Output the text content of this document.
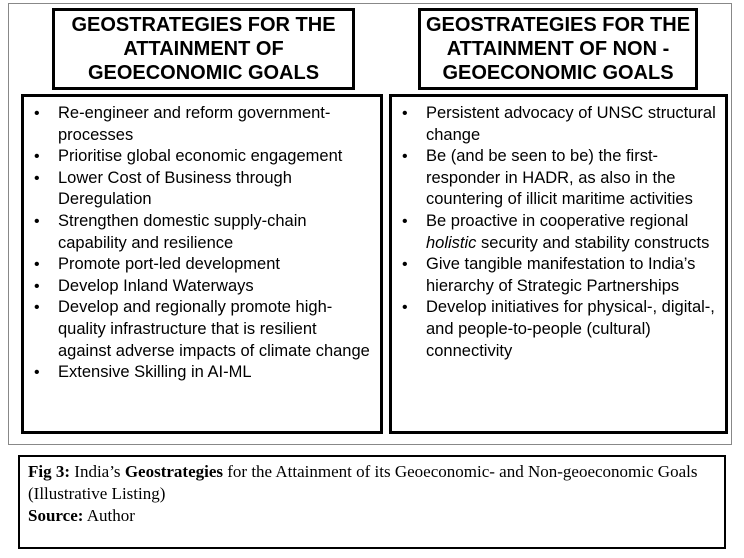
GEOSTRATEGIES FOR THE
ATTAINMENT OF
GEOECONOMIC GOALS
GEOSTRATEGIES FOR THE
ATTAINMENT OF NON -
GEOECONOMIC GOALS
• Re-engineer and reform government-processes
• Prioritise global economic engagement
• Lower Cost of Business through Deregulation
• Strengthen domestic supply-chain capability and resilience
• Promote port-led development
• Develop Inland Waterways
• Develop and regionally promote high-quality infrastructure that is resilient against adverse impacts of climate change
• Extensive Skilling in AI-ML
• Persistent advocacy of UNSC structural change
• Be (and be seen to be) the first-responder in HADR, as also in the countering of illicit maritime activities
• Be proactive in cooperative regional holistic security and stability constructs
• Give tangible manifestation to India’s hierarchy of Strategic Partnerships
• Develop initiatives for physical-, digital-, and people-to-people (cultural) connectivity
Fig 3: India’s Geostrategies for the Attainment of its Geoeconomic- and Non-geoeconomic Goals (Illustrative Listing)
Source: Author
